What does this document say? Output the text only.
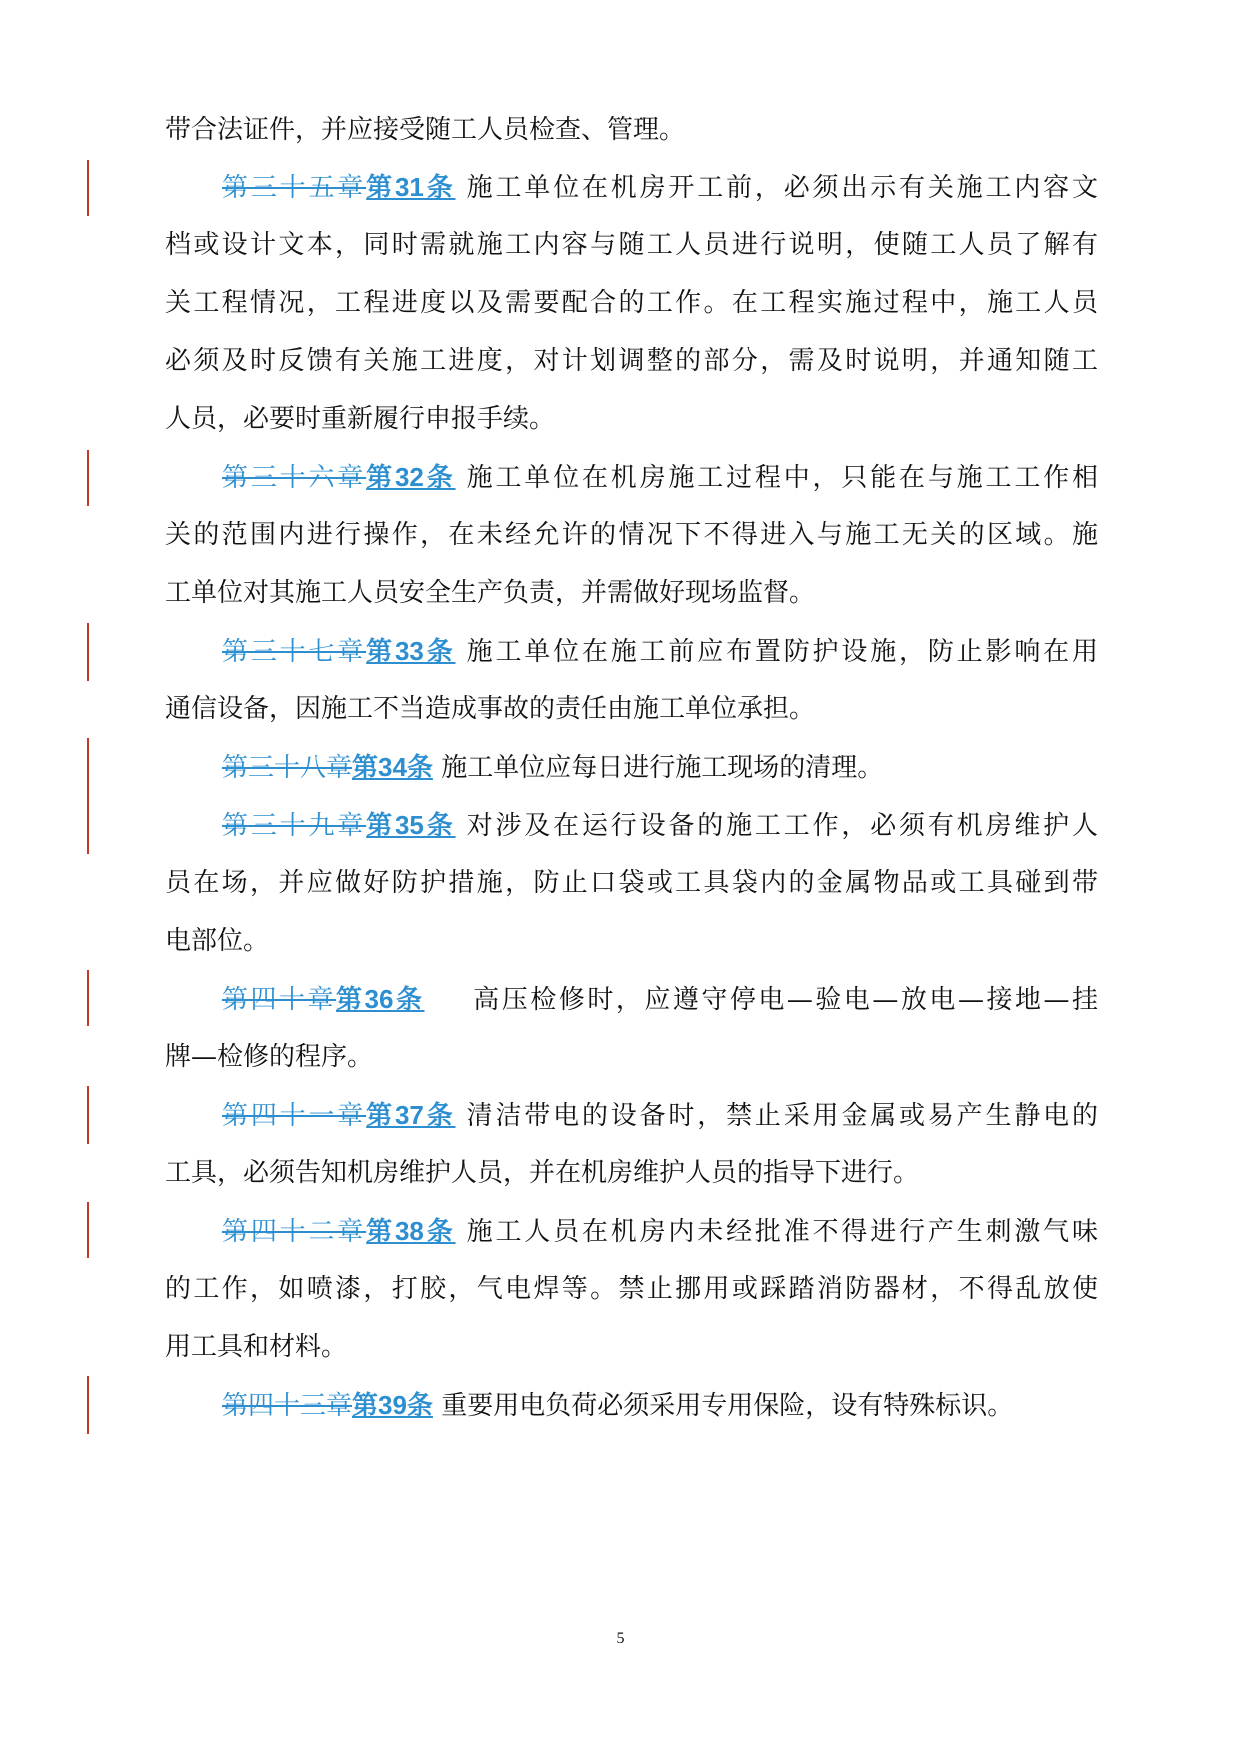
带合法证件，并应接受随工人员检查、管理。
第三十五章第31条 施工单位在机房开工前，必须出示有关施工内容文
档或设计文本，同时需就施工内容与随工人员进行说明，使随工人员了解有
关工程情况，工程进度以及需要配合的工作。在工程实施过程中，施工人员
必须及时反馈有关施工进度，对计划调整的部分，需及时说明，并通知随工
人员，必要时重新履行申报手续。
第三十六章第32条 施工单位在机房施工过程中，只能在与施工工作相
关的范围内进行操作，在未经允许的情况下不得进入与施工无关的区域。施
工单位对其施工人员安全生产负责，并需做好现场监督。
第三十七章第33条 施工单位在施工前应布置防护设施，防止影响在用
通信设备，因施工不当造成事故的责任由施工单位承担。
第三十八章第34条 施工单位应每日进行施工现场的清理。
第三十九章第35条 对涉及在运行设备的施工工作，必须有机房维护人
员在场，并应做好防护措施，防止口袋或工具袋内的金属物品或工具碰到带
电部位。
第四十章第36条 高压检修时，应遵守停电—验电—放电—接地—挂
牌—检修的程序。
第四十一章第37条 清洁带电的设备时，禁止采用金属或易产生静电的
工具，必须告知机房维护人员，并在机房维护人员的指导下进行。
第四十二章第38条 施工人员在机房内未经批准不得进行产生刺激气味
的工作，如喷漆，打胶，气电焊等。禁止挪用或踩踏消防器材，不得乱放使
用工具和材料。
第四十三章第39条 重要用电负荷必须采用专用保险，设有特殊标识。
5
